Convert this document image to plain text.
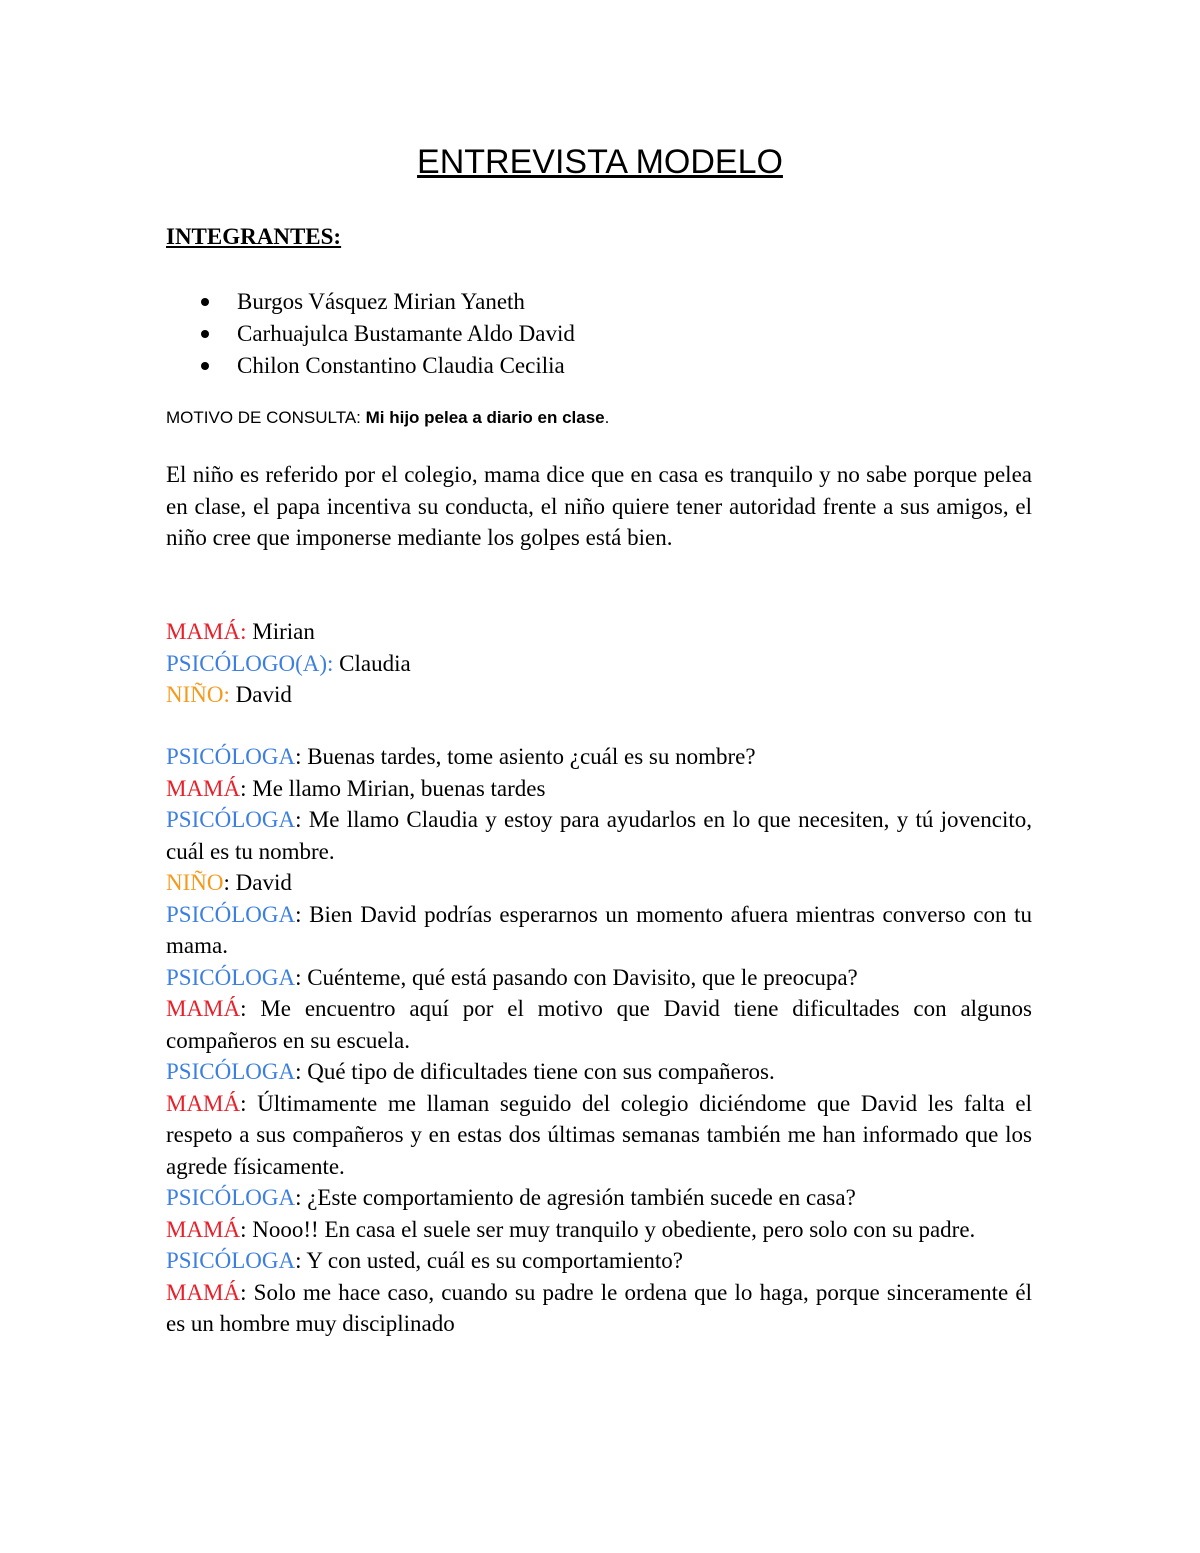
ENTREVISTA MODELO
INTEGRANTES:
Burgos Vásquez Mirian Yaneth
Carhuajulca Bustamante Aldo David
Chilon Constantino Claudia Cecilia
MOTIVO DE CONSULTA: Mi hijo pelea a diario en clase.

El niño es referido por el colegio, mama dice que en casa es tranquilo y no sabe porque pelea en clase, el papa incentiva su conducta, el niño quiere tener autoridad frente a sus amigos, el niño cree que imponerse mediante los golpes está bien.

MAMÁ: Mirian
PSICÓLOGO(A): Claudia
NIÑO: David

PSICÓLOGA: Buenas tardes, tome asiento ¿cuál es su nombre?

MAMÁ: Me llamo Mirian, buenas tardes

PSICÓLOGA: Me llamo Claudia y estoy para ayudarlos en lo que necesiten, y tú jovencito, cuál es tu nombre.

NIÑO: David

PSICÓLOGA: Bien David podrías esperarnos un momento afuera mientras converso con tu mama.

PSICÓLOGA: Cuénteme, qué está pasando con Davisito, que le preocupa?

MAMÁ: Me encuentro aquí por el motivo que David tiene dificultades con algunos compañeros en su escuela.

PSICÓLOGA: Qué tipo de dificultades tiene con sus compañeros.

MAMÁ: Últimamente me llaman seguido del colegio diciéndome que David les falta el respeto a sus compañeros y en estas dos últimas semanas también me han informado que los agrede físicamente.

PSICÓLOGA: ¿Este comportamiento de agresión también sucede en casa?

MAMÁ: Nooo!! En casa el suele ser muy tranquilo y obediente, pero solo con su padre.

PSICÓLOGA: Y con usted, cuál es su comportamiento?

MAMÁ: Solo me hace caso, cuando su padre le ordena que lo haga, porque sinceramente él es un hombre muy disciplinado
